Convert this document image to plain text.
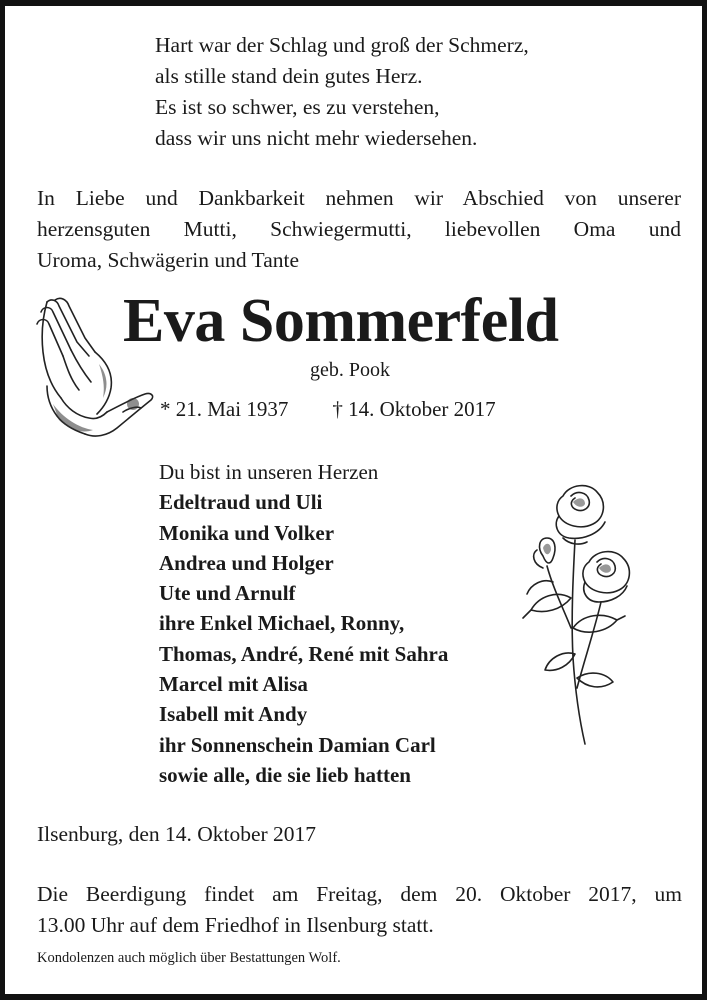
Hart war der Schlag und groß der Schmerz,
als stille stand dein gutes Herz.
Es ist so schwer, es zu verstehen,
dass wir uns nicht mehr wiedersehen.
In Liebe und Dankbarkeit nehmen wir Abschied von unserer
herzensguten Mutti, Schwiegermutti, liebevollen Oma und
Uroma, Schwägerin und Tante
Eva Sommerfeld
geb. Pook
* 21. Mai 1937 † 14. Oktober 2017
Du bist in unseren Herzen
Edeltraud und Uli
Monika und Volker
Andrea und Holger
Ute und Arnulf
ihre Enkel Michael, Ronny,
Thomas, André, René mit Sahra
Marcel mit Alisa
Isabell mit Andy
ihr Sonnenschein Damian Carl
sowie alle, die sie lieb hatten
Ilsenburg, den 14. Oktober 2017
Die Beerdigung findet am Freitag, dem 20. Oktober 2017, um
13.00 Uhr auf dem Friedhof in Ilsenburg statt.
Kondolenzen auch möglich über Bestattungen Wolf.
